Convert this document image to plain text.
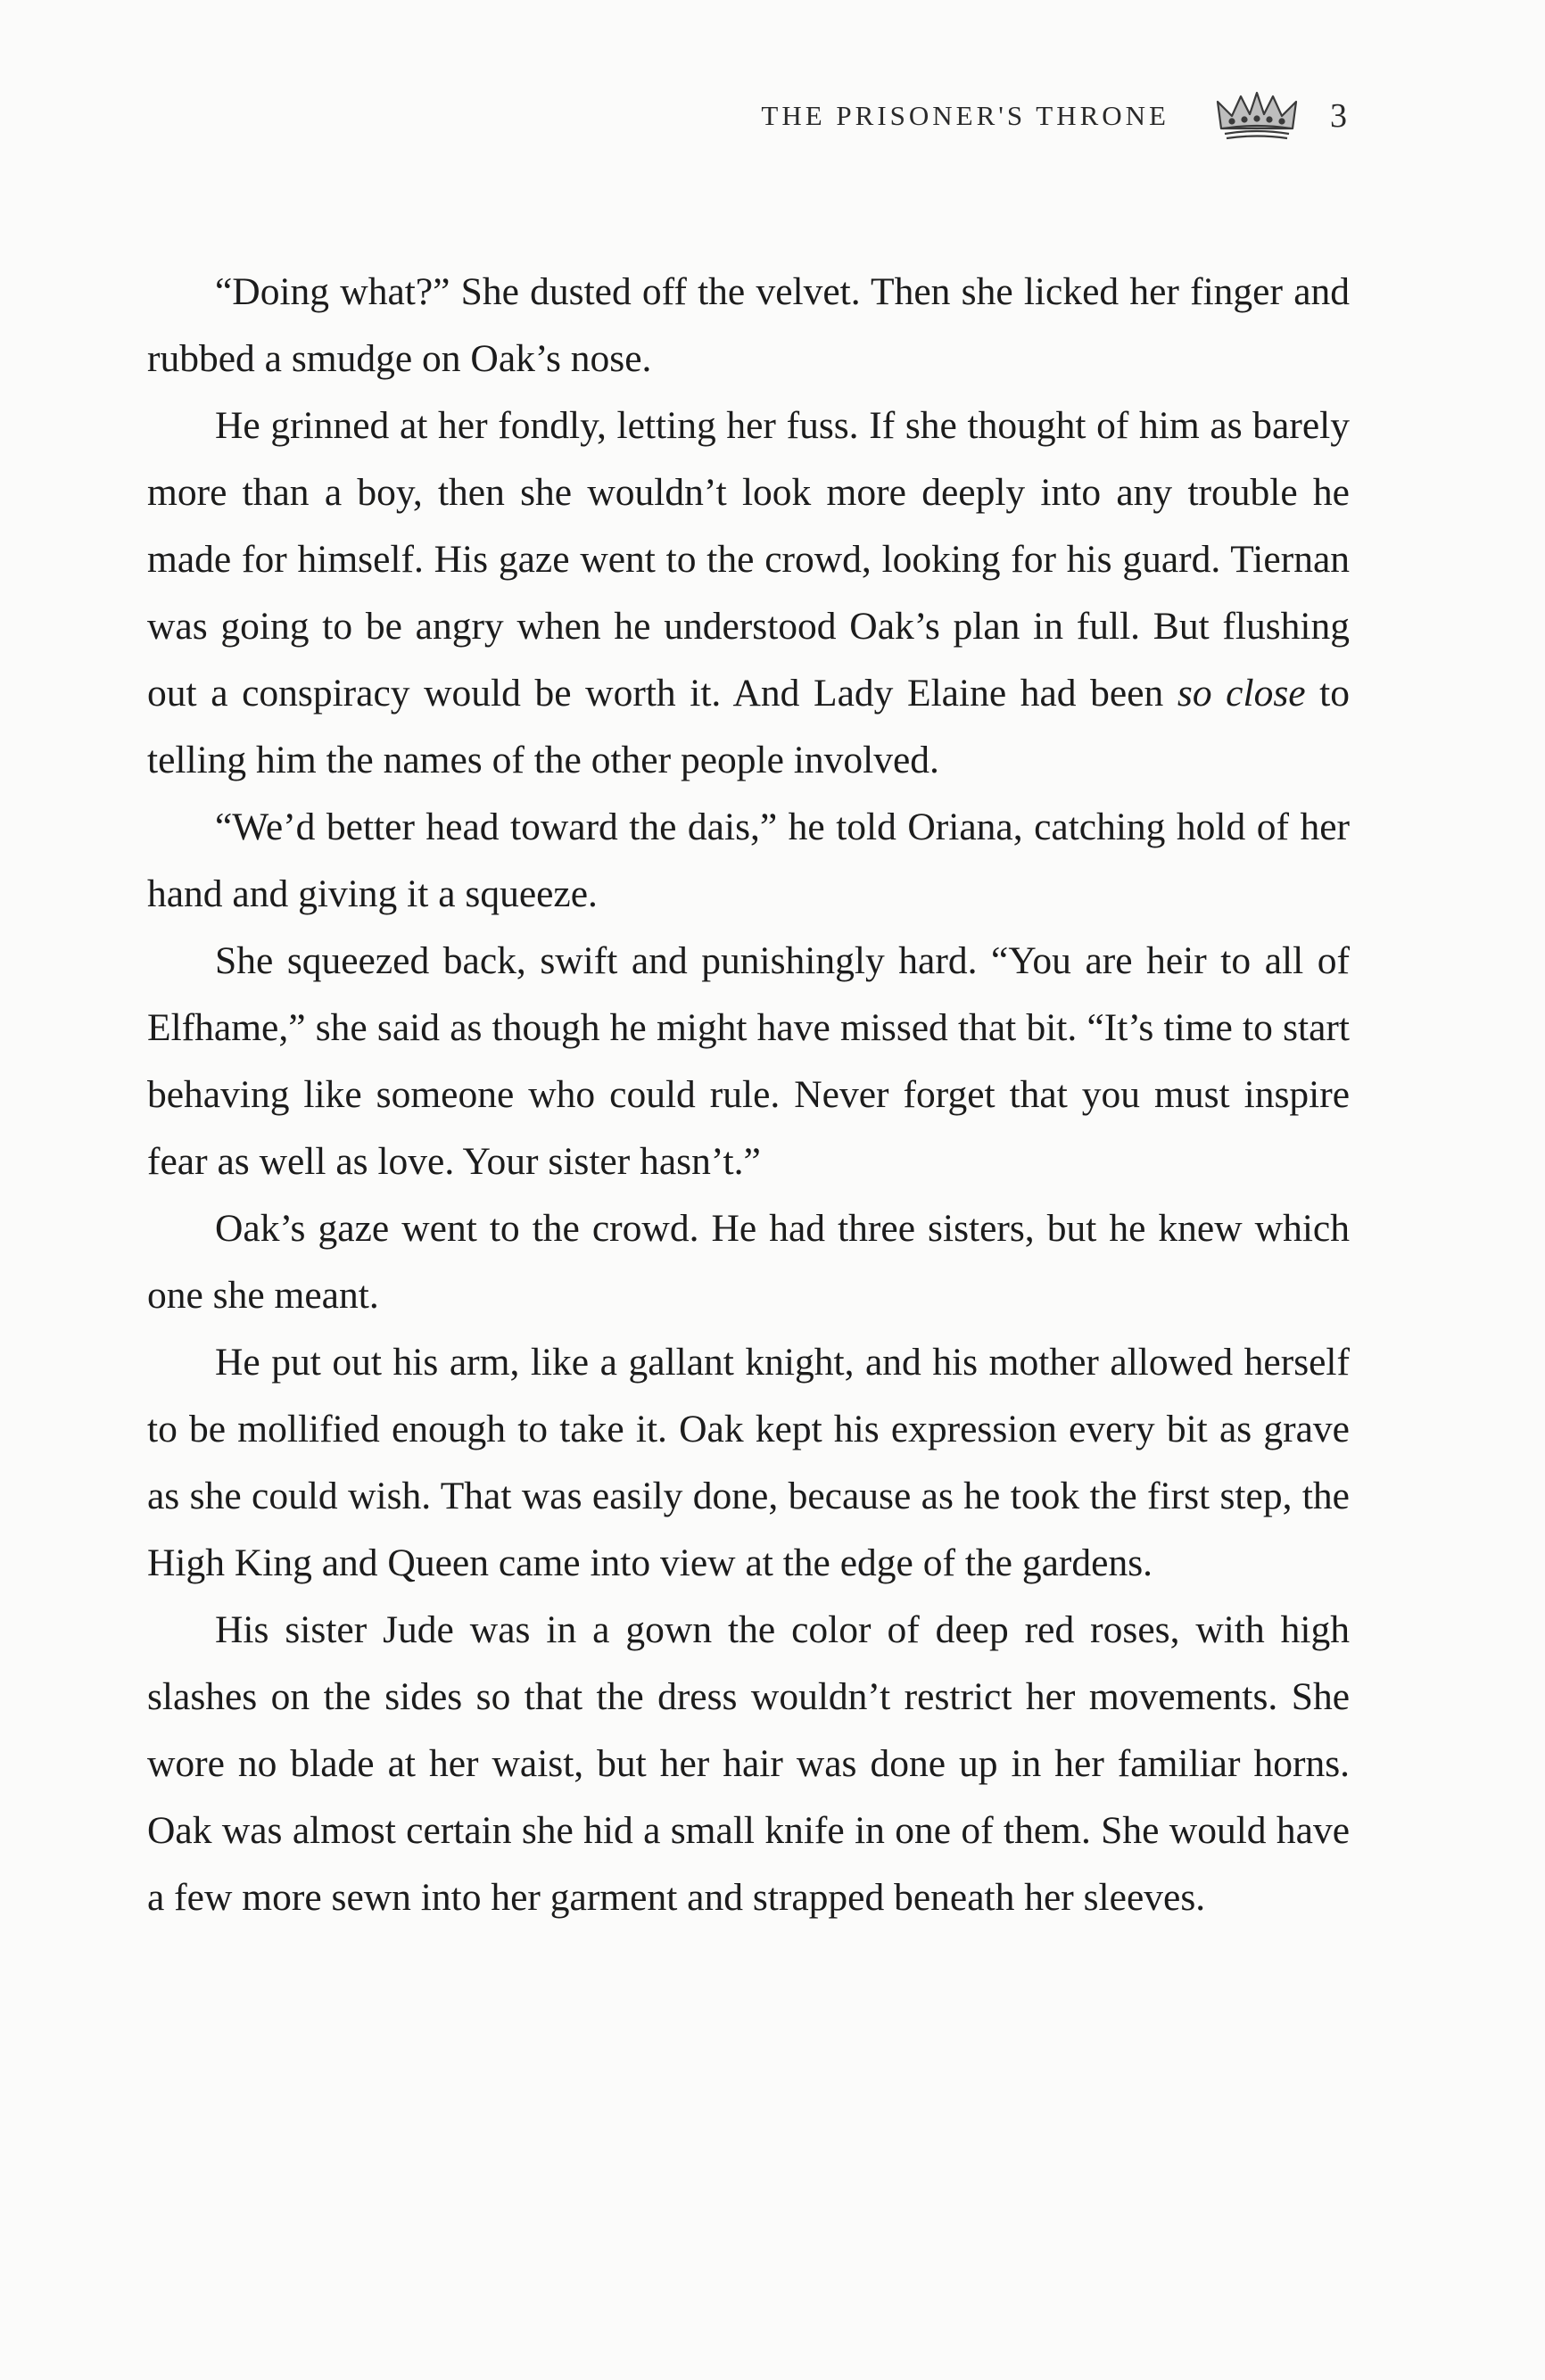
THE PRISONER'S THRONE	3

“Doing what?” She dusted off the velvet. Then she licked her finger and rubbed a smudge on Oak’s nose.

He grinned at her fondly, letting her fuss. If she thought of him as barely more than a boy, then she wouldn’t look more deeply into any trouble he made for himself. His gaze went to the crowd, looking for his guard. Tiernan was going to be angry when he understood Oak’s plan in full. But flushing out a conspiracy would be worth it. And Lady Elaine had been so close to telling him the names of the other people involved.

“We’d better head toward the dais,” he told Oriana, catching hold of her hand and giving it a squeeze.

She squeezed back, swift and punishingly hard. “You are heir to all of Elfhame,” she said as though he might have missed that bit. “It’s time to start behaving like someone who could rule. Never forget that you must inspire fear as well as love. Your sister hasn’t.”

Oak’s gaze went to the crowd. He had three sisters, but he knew which one she meant.

He put out his arm, like a gallant knight, and his mother allowed herself to be mollified enough to take it. Oak kept his expression every bit as grave as she could wish. That was easily done, because as he took the first step, the High King and Queen came into view at the edge of the gardens.

His sister Jude was in a gown the color of deep red roses, with high slashes on the sides so that the dress wouldn’t restrict her movements. She wore no blade at her waist, but her hair was done up in her familiar horns. Oak was almost certain she hid a small knife in one of them. She would have a few more sewn into her garment and strapped beneath her sleeves.
